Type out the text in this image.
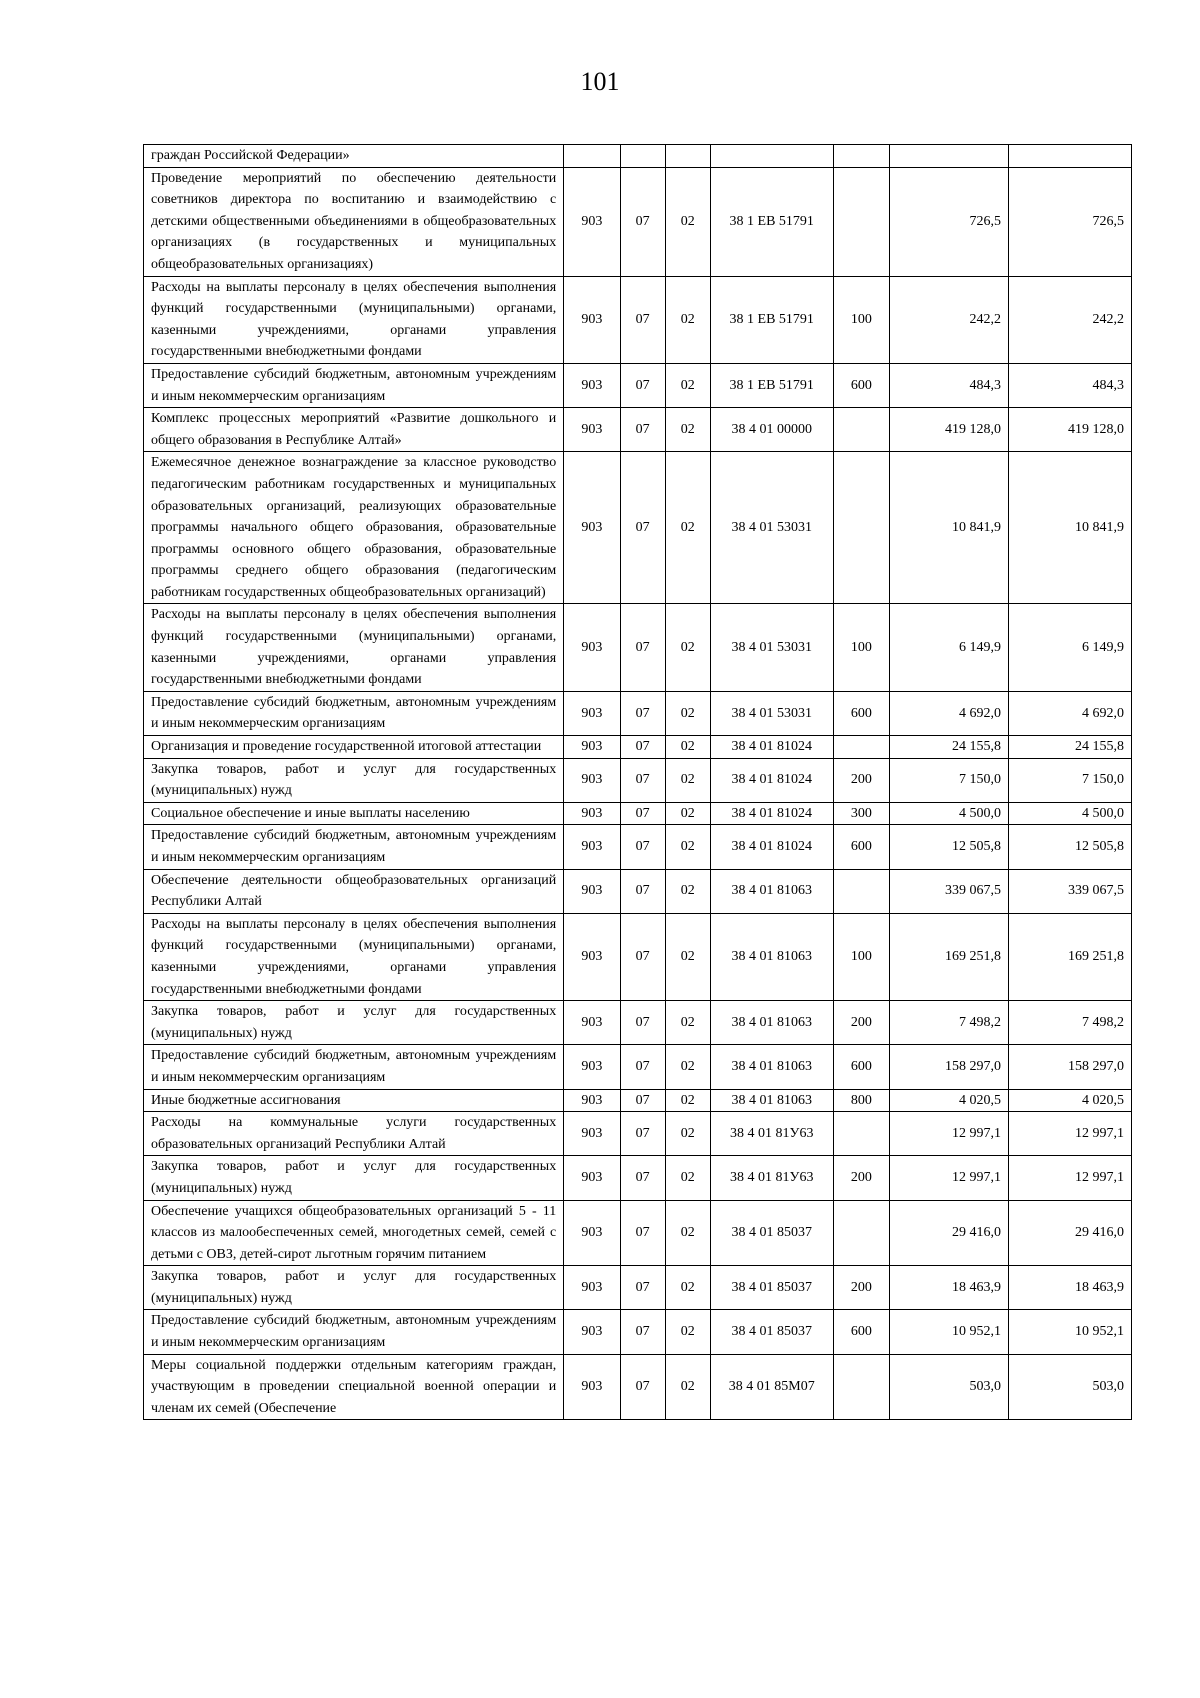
101
граждан Российской Федерации»							
Проведение мероприятий по обеспечению деятельности советников директора по воспитанию и взаимодействию с детскими общественными объединениями в общеобразовательных организациях (в государственных и муниципальных общеобразовательных организациях)	903	07	02	38 1 ЕВ 51791		726,5	726,5
Расходы на выплаты персоналу в целях обеспечения выполнения функций государственными (муниципальными) органами, казенными учреждениями, органами управления государственными внебюджетными фондами	903	07	02	38 1 ЕВ 51791	100	242,2	242,2
Предоставление субсидий бюджетным, автономным учреждениям и иным некоммерческим организациям	903	07	02	38 1 ЕВ 51791	600	484,3	484,3
Комплекс процессных мероприятий «Развитие дошкольного и общего образования в Республике Алтай»	903	07	02	38 4 01 00000		419 128,0	419 128,0
Ежемесячное денежное вознаграждение за классное руководство педагогическим работникам государственных и муниципальных образовательных организаций, реализующих образовательные программы начального общего образования, образовательные программы основного общего образования, образовательные программы среднего общего образования (педагогическим работникам государственных общеобразовательных организаций)	903	07	02	38 4 01 53031		10 841,9	10 841,9
Расходы на выплаты персоналу в целях обеспечения выполнения функций государственными (муниципальными) органами, казенными учреждениями, органами управления государственными внебюджетными фондами	903	07	02	38 4 01 53031	100	6 149,9	6 149,9
Предоставление субсидий бюджетным, автономным учреждениям и иным некоммерческим организациям	903	07	02	38 4 01 53031	600	4 692,0	4 692,0
Организация и проведение государственной итоговой аттестации	903	07	02	38 4 01 81024		24 155,8	24 155,8
Закупка товаров, работ и услуг для государственных (муниципальных) нужд	903	07	02	38 4 01 81024	200	7 150,0	7 150,0
Социальное обеспечение и иные выплаты населению	903	07	02	38 4 01 81024	300	4 500,0	4 500,0
Предоставление субсидий бюджетным, автономным учреждениям и иным некоммерческим организациям	903	07	02	38 4 01 81024	600	12 505,8	12 505,8
Обеспечение деятельности общеобразовательных организаций Республики Алтай	903	07	02	38 4 01 81063		339 067,5	339 067,5
Расходы на выплаты персоналу в целях обеспечения выполнения функций государственными (муниципальными) органами, казенными учреждениями, органами управления государственными внебюджетными фондами	903	07	02	38 4 01 81063	100	169 251,8	169 251,8
Закупка товаров, работ и услуг для государственных (муниципальных) нужд	903	07	02	38 4 01 81063	200	7 498,2	7 498,2
Предоставление субсидий бюджетным, автономным учреждениям и иным некоммерческим организациям	903	07	02	38 4 01 81063	600	158 297,0	158 297,0
Иные бюджетные ассигнования	903	07	02	38 4 01 81063	800	4 020,5	4 020,5
Расходы на коммунальные услуги государственных образовательных организаций Республики Алтай	903	07	02	38 4 01 81У63		12 997,1	12 997,1
Закупка товаров, работ и услуг для государственных (муниципальных) нужд	903	07	02	38 4 01 81У63	200	12 997,1	12 997,1
Обеспечение учащихся общеобразовательных организаций 5 - 11 классов из малообеспеченных семей, многодетных семей, семей с детьми с ОВЗ, детей-сирот льготным горячим питанием	903	07	02	38 4 01 85037		29 416,0	29 416,0
Закупка товаров, работ и услуг для государственных (муниципальных) нужд	903	07	02	38 4 01 85037	200	18 463,9	18 463,9
Предоставление субсидий бюджетным, автономным учреждениям и иным некоммерческим организациям	903	07	02	38 4 01 85037	600	10 952,1	10 952,1
Меры социальной поддержки отдельным категориям граждан, участвующим в проведении специальной военной операции и членам их семей (Обеспечение	903	07	02	38 4 01 85М07		503,0	503,0
